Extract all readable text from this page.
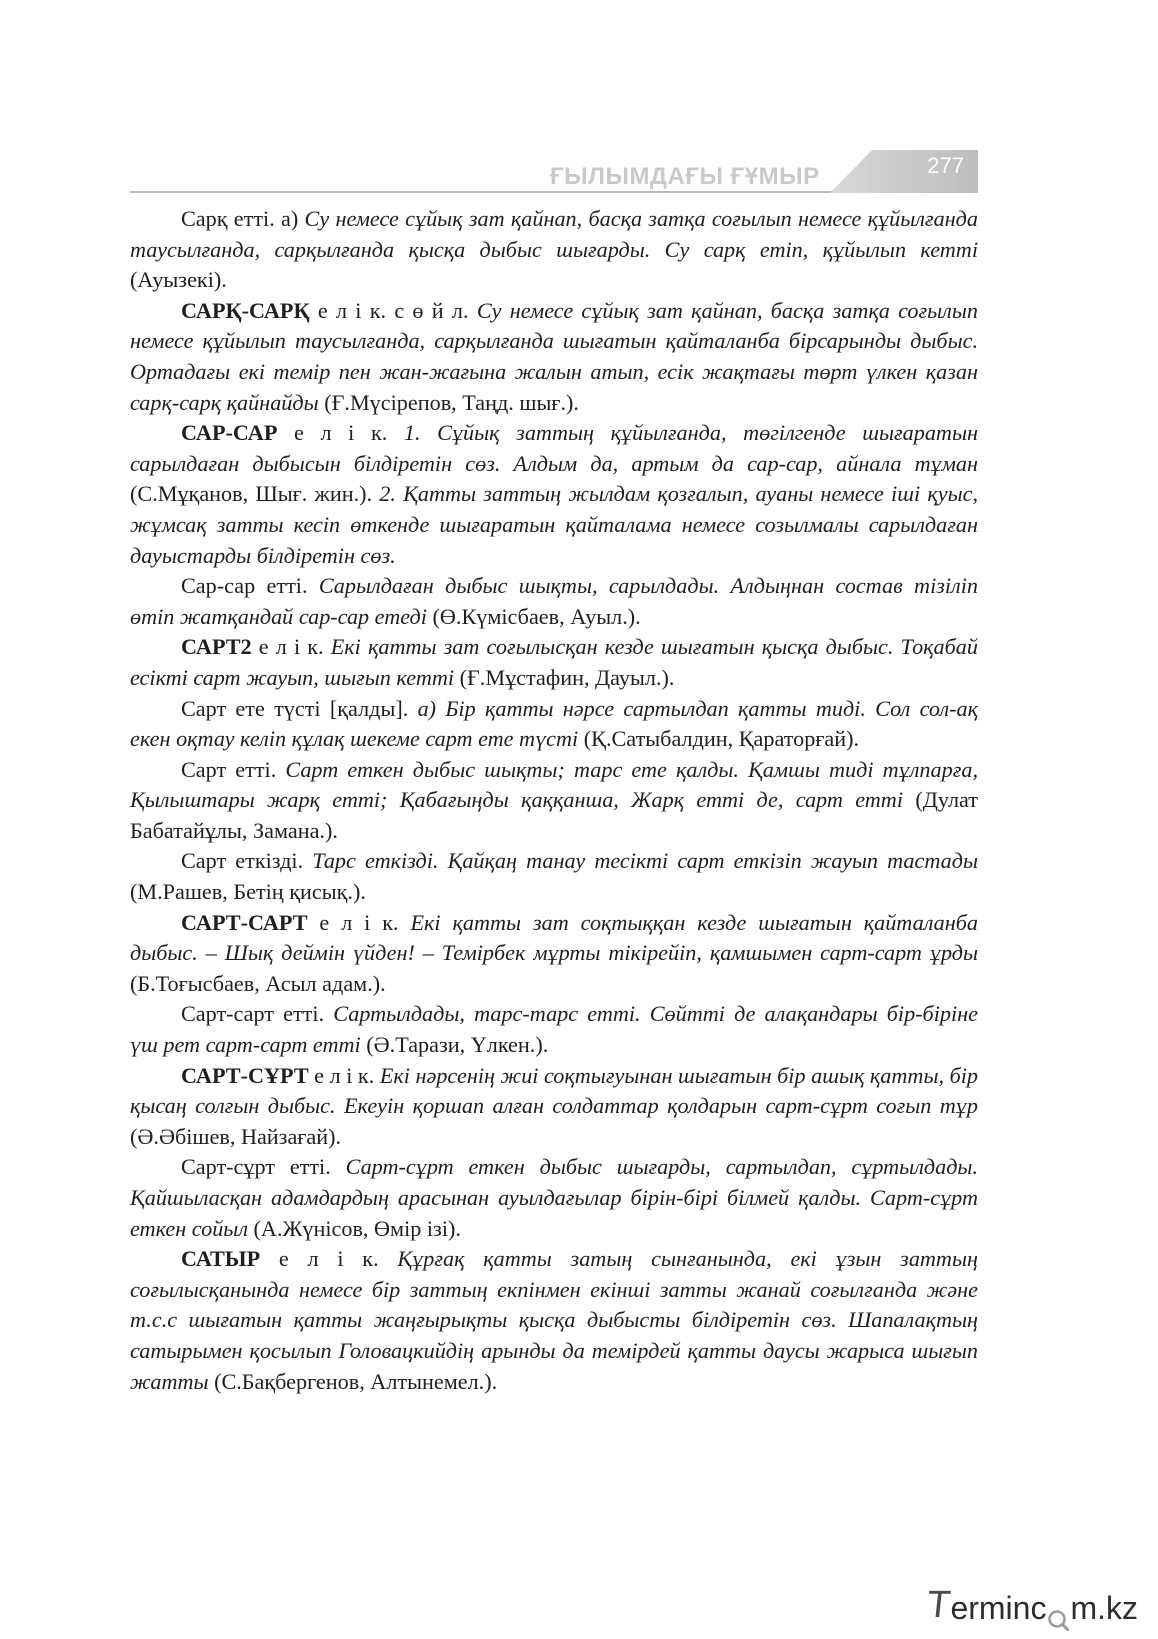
ҒЫЛЫМДАҒЫ ҒҰМЫР	277

Сарқ етті. а) Су немесе сұйық зат қайнап, басқа затқа соғылып немесе құйылғанда таусылғанда, сарқылғанда қысқа дыбыс шығарды. Су сарқ етіп, құйылып кетті (Ауызекі).

САРҚ-САРҚ е л і к. с ө й л. Су немесе сұйық зат қайнап, басқа затқа соғылып немесе құйылып таусылғанда, сарқылғанда шығатын қайталанба бірсарынды дыбыс. Ортадағы екі темір пен жан-жағына жалын атып, есік жақтағы төрт үлкен қазан сарқ-сарқ қайнайды (Ғ.Мүсірепов, Таңд. шығ.).

САР-САР е л і к. 1. Сұйық заттың құйылғанда, төгілгенде шығаратын сарылдаған дыбысын білдіретін сөз. Алдым да, артым да сар-сар, айнала тұман (С.Мұқанов, Шығ. жин.). 2. Қатты заттың жылдам қозғалып, ауаны немесе іші қуыс, жұмсақ затты кесіп өткенде шығаратын қайталама немесе созылмалы сарылдаған дауыстарды білдіретін сөз.

Сар-сар етті. Сарылдаған дыбыс шықты, сарылдады. Алдыңнан состав тізіліп өтіп жатқандай сар-сар етеді (Ө.Күмісбаев, Ауыл.).

САРТ2 е л і к. Екі қатты зат соғылысқан кезде шығатын қысқа дыбыс. Тоқабай есікті сарт жауып, шығып кетті (Ғ.Мұстафин, Дауыл.).

Сарт ете түсті [қалды]. а) Бір қатты нәрсе сартылдап қатты тиді. Сол сол-ақ екен оқтау келіп құлақ шекеме сарт ете түсті (Қ.Сатыбалдин, Қараторғай).

Сарт етті. Сарт еткен дыбыс шықты; тарс ете қалды. Қамшы тиді тұлпарға, Қылыштары жарқ етті; Қабағыңды қаққанша, Жарқ етті де, сарт етті (Дулат Бабатайұлы, Замана.).

Сарт еткізді. Тарс еткізді. Қайқаң танау тесікті сарт еткізіп жауып тастады (М.Рашев, Бетің қисық.).

САРТ-САРТ е л і к. Екі қатты зат соқтыққан кезде шығатын қайталанба дыбыс. – Шық деймін үйден! – Темірбек мұрты тікірейіп, қамшымен сарт-сарт ұрды (Б.Тоғысбаев, Асыл адам.).

Сарт-сарт етті. Сартылдады, тарс-тарс етті. Сөйтті де алақандары бір-біріне үш рет сарт-сарт етті (Ә.Тарази, Үлкен.).

САРТ-СҰРТ е л і к. Екі нәрсенің жиі соқтығуынан шығатын бір ашық қатты, бір қысаң солғын дыбыс. Екеуін қоршап алған солдаттар қолдарын сарт-сұрт соғып тұр (Ә.Әбішев, Найзағай).

Сарт-сұрт етті. Сарт-сұрт еткен дыбыс шығарды, сартылдап, сұртылдады. Қайшыласқан адамдардың арасынан ауылдағылар бірін-бірі білмей қалды. Сарт-сұрт еткен сойыл (А.Жүнісов, Өмір ізі).

САТЫР е л і к. Құрғақ қатты затың сынғанында, екі ұзын заттың соғылысқанында немесе бір заттың екпінмен екінші затты жанай соғылғанда және т.с.с шығатын қатты жаңғырықты қысқа дыбысты білдіретін сөз. Шапалақтың сатырымен қосылып Головацкийдің арынды да темірдей қатты даусы жарыса шығып жатты (С.Бақбергенов, Алтынемел.).

T
erminc m.kz
